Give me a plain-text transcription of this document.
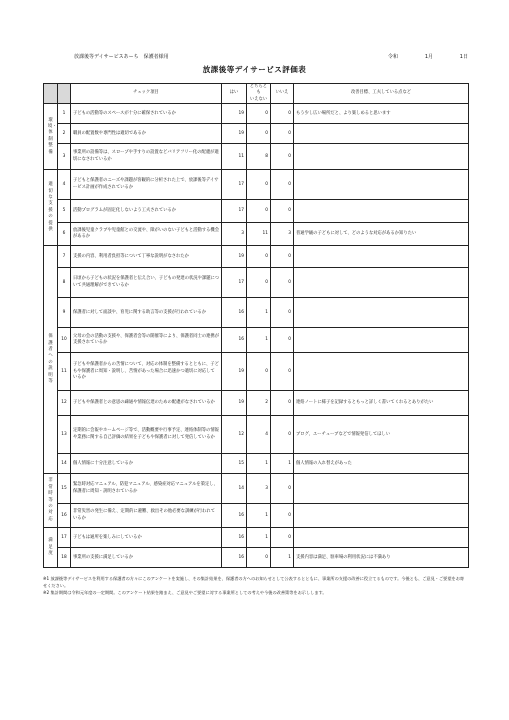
放課後等デイサービスあーち　保護者様用	令和	1月	1日
放課後等デイサービス評価表
		チェック項目	はい	どちらとも
いえない	いいえ	改善目標、工夫している点など
環境・体制整備	1	子どもの活動等のスペースが十分に確保されているか	19	0	0	もう少し広い場所だと、より楽しめると思います
	2	職員の配置数や専門性は適切であるか	19	0	0	
	3	事業所の設備等は、スロープや手すりの設置などバリアフリー化の配慮が適切になされているか	11	8	0	
適切な支援の提供	4	子どもと保護者のニーズや課題が客観的に分析された上で、放課後等デイサービス計画が作成されているか	17	0	0	
	5	活動プログラムが固定化しないよう工夫されているか	17	0	0	
	6	放課後児童クラブや児童館との交流や、障がいのない子どもと活動する機会があるか	3	11	3	普通学級の子どもに対して、どのような対応があるか知りたい
保護者への説明等	7	支援の内容、利用者負担等について丁寧な説明がなされたか	19	0	0	
	8	日頃から子どもの状況を保護者と伝え合い、子どもの発達の状況や課題について共通理解ができているか	17	0	0	
	9	保護者に対して面談や、育児に関する助言等の支援が行われているか	16	1	0	
	10	父母の会の活動の支援や、保護者会等の開催等により、保護者同士の連携が支援されているか	16	1	0	
	11	子どもや保護者からの苦情について、対応の体制を整備するとともに、子どもや保護者に周知・説明し、苦情があった場合に迅速かつ適切に対応しているか	19	0	0	
	12	子どもや保護者との意思の疎通や情報伝達のための配慮がなされているか	19	2	0	連絡ノートに様子を記録するともっと詳しく書いてくれるとありがたい
	13	定期的に会報やホームページ等で、活動概要や行事予定、連絡体制等の情報や業務に関する自己評価の結果を子どもや保護者に対して発信しているか	12	4	0	ブログ、ユーチューブなどで情報発信してほしい
	14	個人情報に十分注意しているか	15	1	1	個人情報の入れ替えがあった
非常時等の対応	15	緊急時対応マニュアル、防犯マニュアル、感染症対応マニュアルを策定し、保護者に周知・説明されているか	14	3	0	
	16	非常災害の発生に備え、定期的に避難、救出その他必要な訓練が行われているか	16	1	0	
満足度	17	子どもは通所を楽しみにしているか	16	1	0	
	18	事業所の支援に満足しているか	16	0	1	支援内容は満足、駐車場の利用状況には不満あり

※1 放課後等デイサービスを利用する保護者の方々にこのアンケートを実施し、その集計結果を、保護者の方へのお知らせとして公表するとともに、事業所の支援の改善に役立てるものです。今後とも、ご意見・ご要望をお寄せください。

※2 集計期間は令和元年度の一定期間。このアンケート結果を踏まえ、ご意見やご要望に対する事業所としての考えや今後の改善策等をお示しします。
